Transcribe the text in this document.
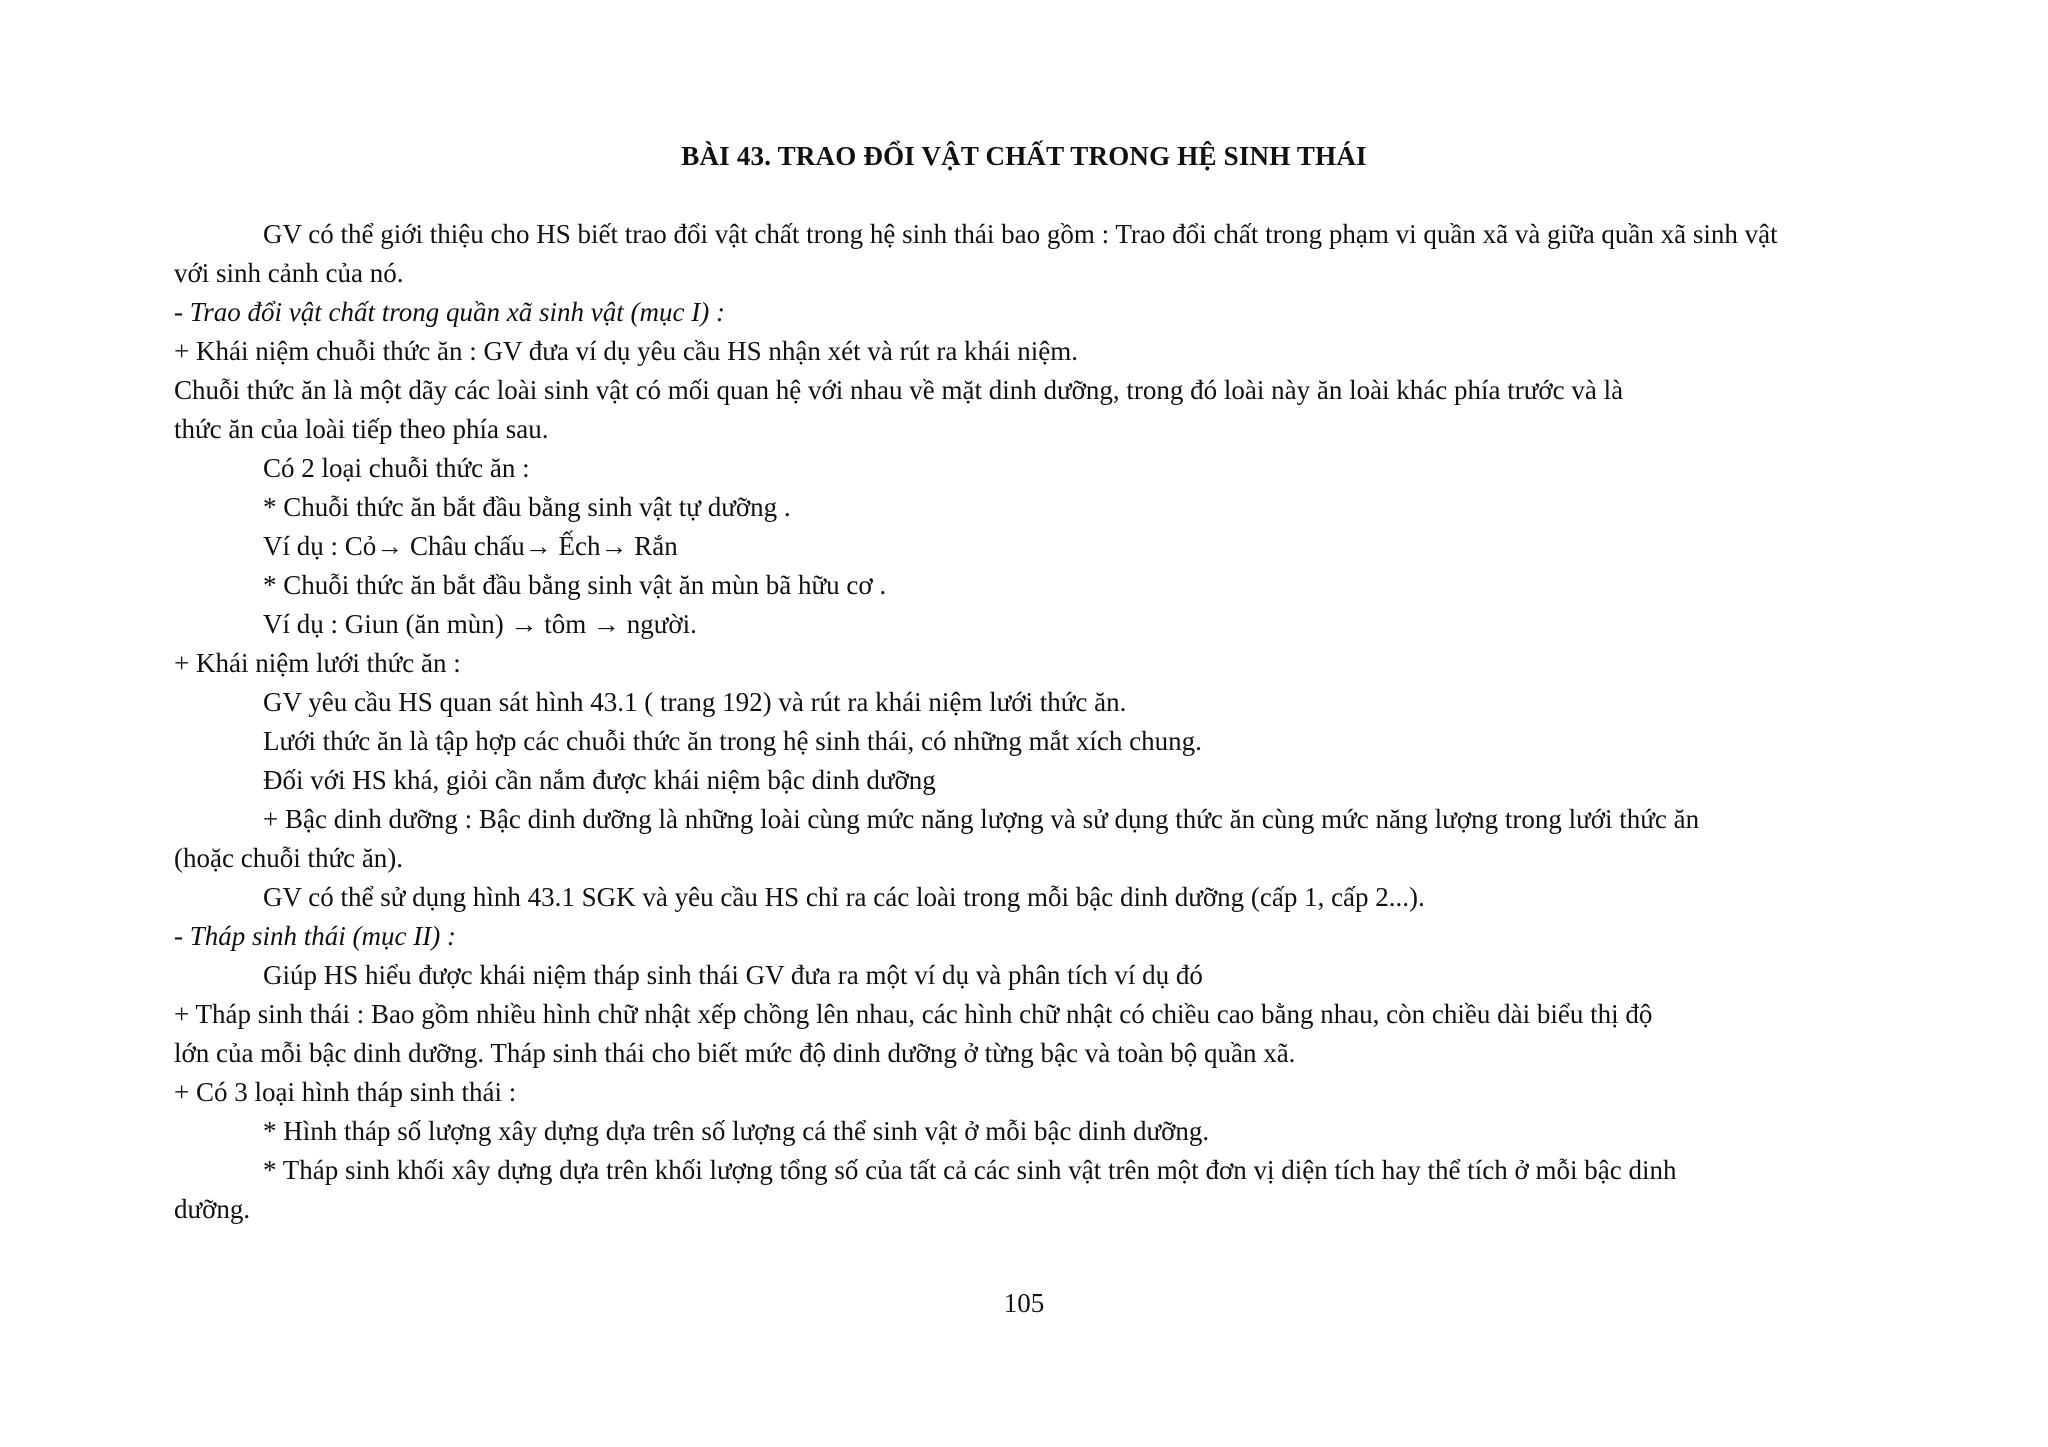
BÀI 43. TRAO ĐỔI VẬT CHẤT TRONG HỆ SINH THÁI
GV có thể giới thiệu cho HS biết trao đổi vật chất trong hệ sinh thái bao gồm : Trao đổi chất trong phạm vi quần xã và giữa quần xã sinh vật
với sinh cảnh của nó.
- Trao đổi vật chất trong quần xã sinh vật (mục I) :
+ Khái niệm chuỗi thức ăn : GV đưa ví dụ yêu cầu HS nhận xét và rút ra khái niệm.
Chuỗi thức ăn là một dãy các loài sinh vật có mối quan hệ với nhau về mặt dinh dưỡng, trong đó loài này ăn loài khác phía trước và là
thức ăn của loài tiếp theo phía sau.
Có 2 loại chuỗi thức ăn :
* Chuỗi thức ăn bắt đầu bằng sinh vật tự dưỡng .
Ví dụ : Cỏ→ Châu chấu→ Ếch→ Rắn
* Chuỗi thức ăn bắt đầu bằng sinh vật ăn mùn bã hữu cơ .
Ví dụ : Giun (ăn mùn) → tôm → người.
+ Khái niệm lưới thức ăn :
GV yêu cầu HS quan sát hình 43.1 ( trang 192) và rút ra khái niệm lưới thức ăn.
Lưới thức ăn là tập hợp các chuỗi thức ăn trong hệ sinh thái, có những mắt xích chung.
Đối với HS khá, giỏi cần nắm được khái niệm bậc dinh dưỡng
+ Bậc dinh dưỡng : Bậc dinh dưỡng là những loài cùng mức năng lượng và sử dụng thức ăn cùng mức năng lượng trong lưới thức ăn
(hoặc chuỗi thức ăn).
GV có thể sử dụng hình 43.1 SGK và yêu cầu HS chỉ ra các loài trong mỗi bậc dinh dưỡng (cấp 1, cấp 2...).
- Tháp sinh thái (mục II) :
Giúp HS hiểu được khái niệm tháp sinh thái GV đưa ra một ví dụ và phân tích ví dụ đó
+ Tháp sinh thái : Bao gồm nhiều hình chữ nhật xếp chồng lên nhau, các hình chữ nhật có chiều cao bằng nhau, còn chiều dài biểu thị độ
lớn của mỗi bậc dinh dưỡng. Tháp sinh thái cho biết mức độ dinh dưỡng ở từng bậc và toàn bộ quần xã.
+ Có 3 loại hình tháp sinh thái :
* Hình tháp số lượng xây dựng dựa trên số lượng cá thể sinh vật ở mỗi bậc dinh dưỡng.
* Tháp sinh khối xây dựng dựa trên khối lượng tổng số của tất cả các sinh vật trên một đơn vị diện tích hay thể tích ở mỗi bậc dinh
dưỡng.
105
